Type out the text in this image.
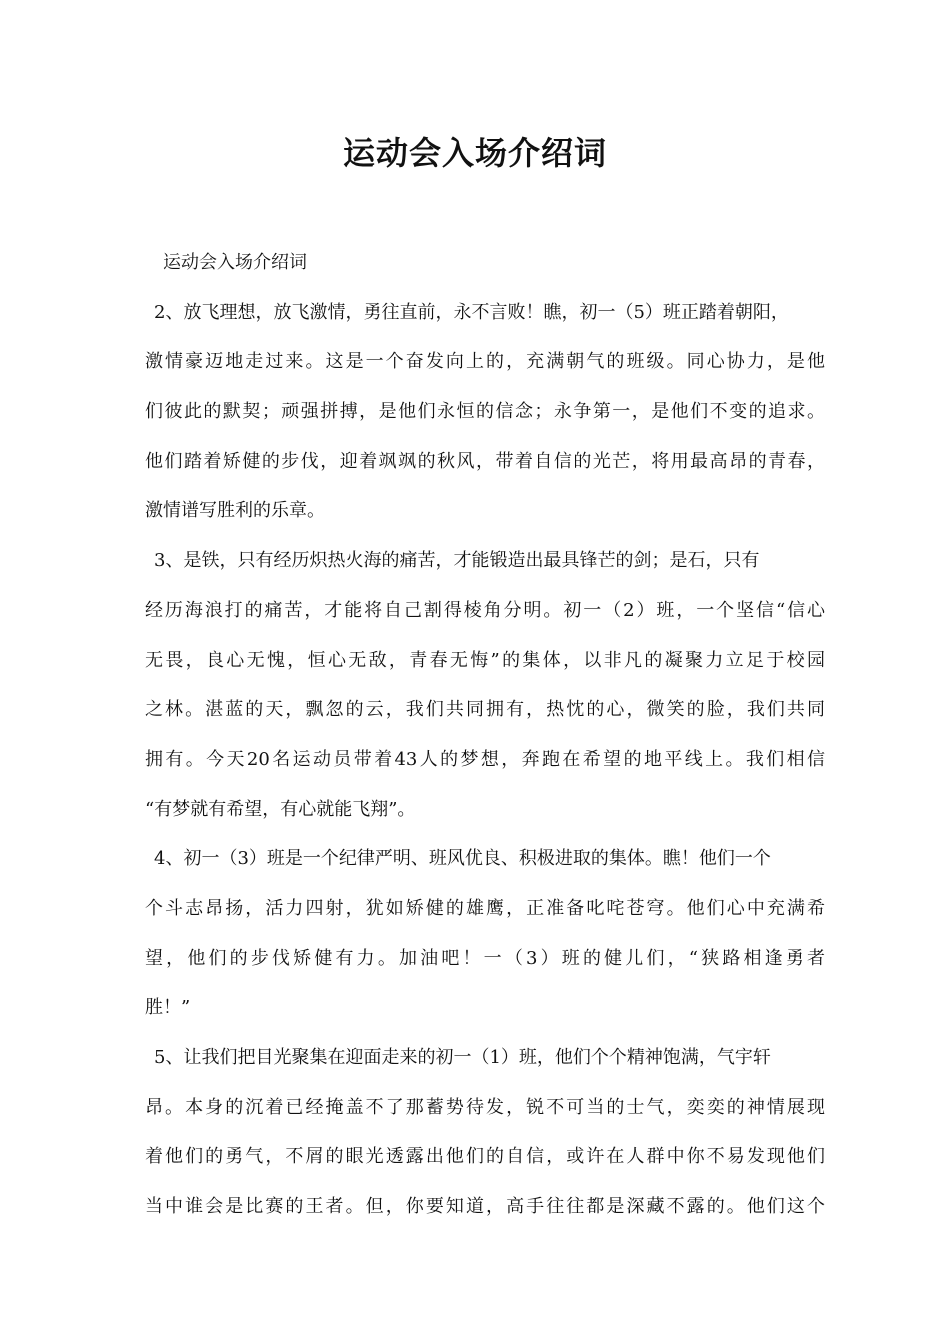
运动会入场介绍词
运动会入场介绍词
2、放飞理想，放飞激情，勇往直前，永不言败！瞧，初一（5）班正踏着朝阳，
激情豪迈地走过来。这是一个奋发向上的，充满朝气的班级。同心协力，是他
们彼此的默契；顽强拼搏，是他们永恒的信念；永争第一，是他们不变的追求。
他们踏着矫健的步伐，迎着飒飒的秋风，带着自信的光芒，将用最高昂的青春，
激情谱写胜利的乐章。
3、是铁，只有经历炽热火海的痛苦，才能锻造出最具锋芒的剑；是石，只有
经历海浪打的痛苦，才能将自己割得棱角分明。初一（2）班，一个坚信“信心
无畏，良心无愧，恒心无敌，青春无悔”的集体，以非凡的凝聚力立足于校园
之林。湛蓝的天，飘忽的云，我们共同拥有，热忱的心，微笑的脸，我们共同
拥有。今天20名运动员带着43人的梦想，奔跑在希望的地平线上。我们相信
“有梦就有希望，有心就能飞翔”。
4、初一（3）班是一个纪律严明、班风优良、积极进取的集体。瞧！他们一个
个斗志昂扬，活力四射，犹如矫健的雄鹰，正准备叱咤苍穹。他们心中充满希
望，他们的步伐矫健有力。加油吧！一（3）班的健儿们，“狭路相逢勇者
胜！”
5、让我们把目光聚集在迎面走来的初一（1）班，他们个个精神饱满，气宇轩
昂。本身的沉着已经掩盖不了那蓄势待发，锐不可当的士气，奕奕的神情展现
着他们的勇气，不屑的眼光透露出他们的自信，或许在人群中你不易发现他们
当中谁会是比赛的王者。但，你要知道，高手往往都是深藏不露的。他们这个
